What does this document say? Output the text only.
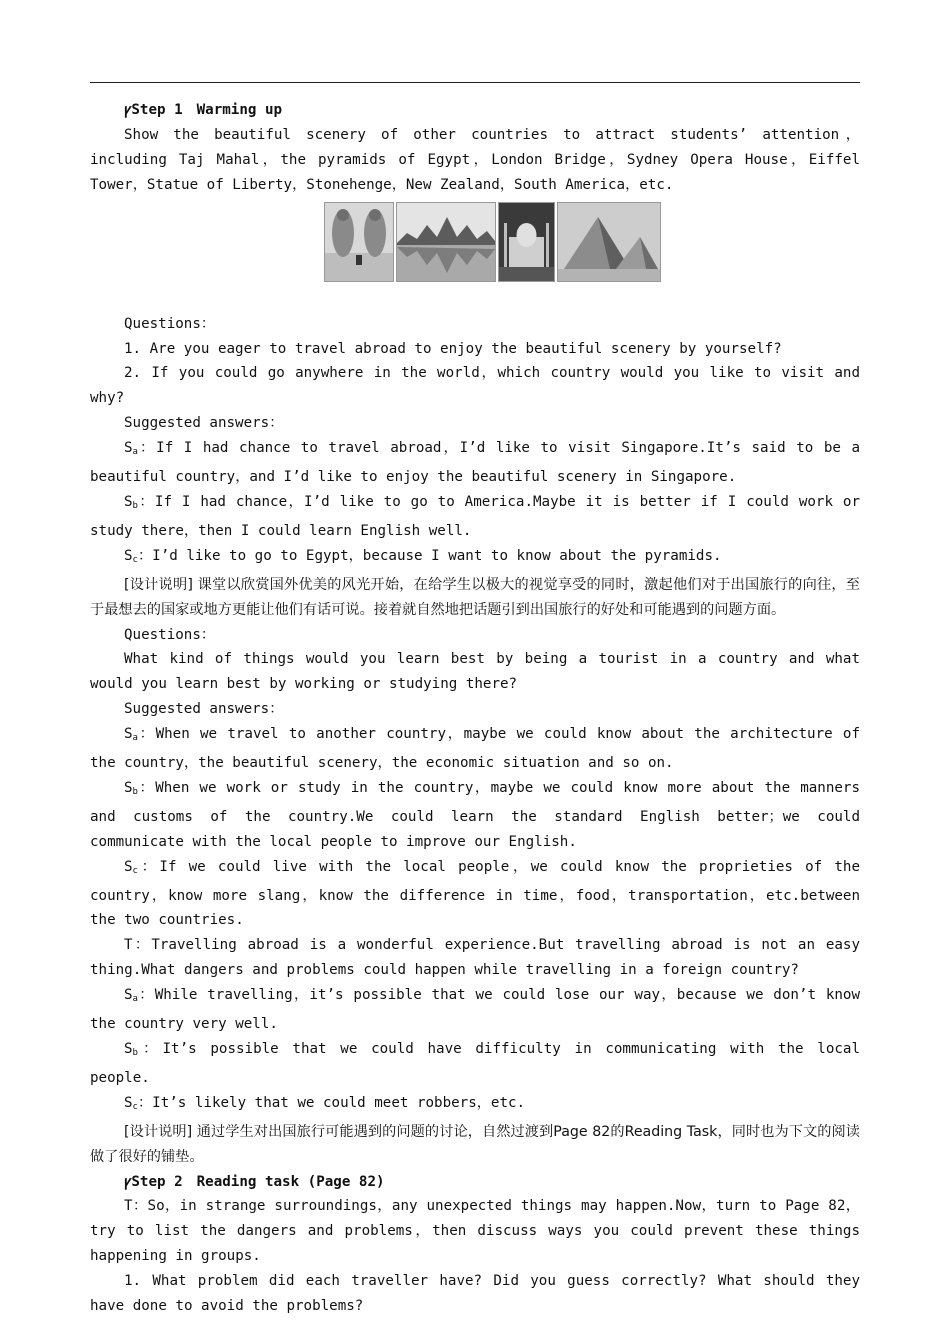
ꝩStep 1 Warming up

Show the beautiful scenery of other countries to attract students’ attention，including Taj Mahal，the pyramids of Egypt，London Bridge，Sydney Opera House，Eiffel Tower，Statue of Liberty，Stonehenge，New Zealand，South America，etc.

Questions：

1. Are you eager to travel abroad to enjoy the beautiful scenery by yourself?

2. If you could go anywhere in the world，which country would you like to visit and why?

Suggested answers：

$S_a$：If I had chance to travel abroad，I’d like to visit Singapore.It’s said to be a beautiful country，and I’d like to enjoy the beautiful scenery in Singapore.

$S_b$：If I had chance，I’d like to go to America.Maybe it is better if I could work or study there，then I could learn English well.

$S_c$：I’d like to go to Egypt，because I want to know about the pyramids.

[设计说明] 课堂以欣赏国外优美的风光开始，在给学生以极大的视觉享受的同时，激起他们对于出国旅行的向往，至于最想去的国家或地方更能让他们有话可说。接着就自然地把话题引到出国旅行的好处和可能遇到的问题方面。

Questions：

What kind of things would you learn best by being a tourist in a country and what would you learn best by working or studying there?

Suggested answers：

$S_a$：When we travel to another country，maybe we could know about the architecture of the country，the beautiful scenery，the economic situation and so on.

$S_b$：When we work or study in the country，maybe we could know more about the manners and customs of the country.We could learn the standard English better；we could communicate with the local people to improve our English.

$S_c$：If we could live with the local people，we could know the proprieties of the country，know more slang，know the difference in time，food，transportation，etc.between the two countries.

T：Travelling abroad is a wonderful experience.But travelling abroad is not an easy thing.What dangers and problems could happen while travelling in a foreign country?

$S_a$：While travelling，it’s possible that we could lose our way，because we don’t know the country very well.

$S_b$：It’s possible that we could have difficulty in communicating with the local people.

$S_c$：It’s likely that we could meet robbers，etc.

[设计说明] 通过学生对出国旅行可能遇到的问题的讨论，自然过渡到Page 82的Reading Task，同时也为下文的阅读做了很好的铺垫。

ꝩStep 2 Reading task (Page 82)

T：So，in strange surroundings，any unexpected things may happen.Now，turn to Page 82，try to list the dangers and problems，then discuss ways you could prevent these things happening in groups.

1. What problem did each traveller have? Did you guess correctly? What should they have done to avoid the problems?
